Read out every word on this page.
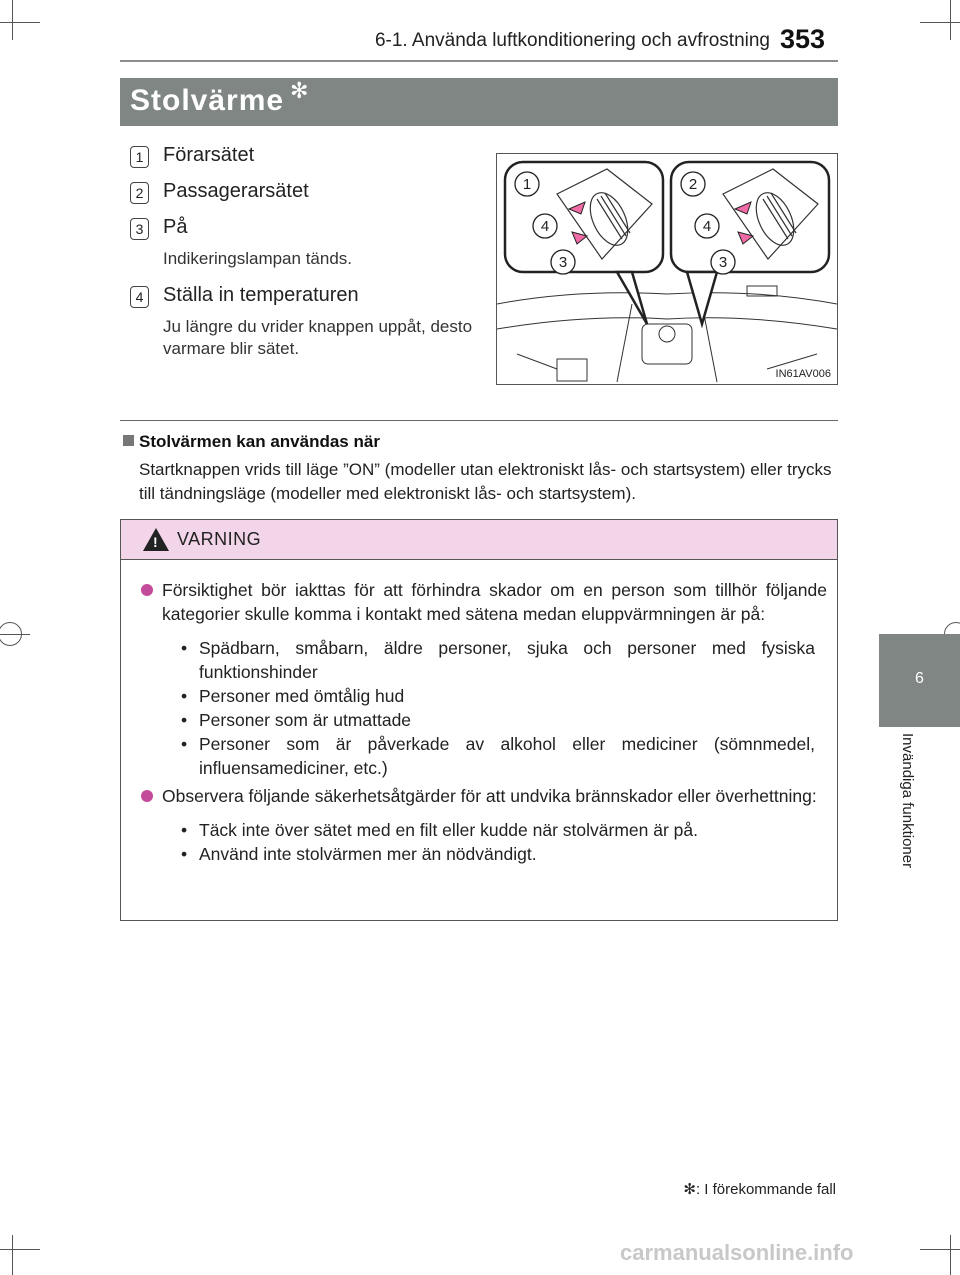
6-1. Använda luftkonditionering och avfrostning 353
Stolvärme ✻
6
Invändiga funktioner
1 Förarsätet
2 Passagerarsätet
3 På
Indikeringslampan tänds.
4 Ställa in temperaturen
Ju längre du vrider knappen uppåt, desto varmare blir sätet.
1
4
3
2
4
3
IN61AV006
Stolvärmen kan användas när
Startknappen vrids till läge ”ON” (modeller utan elektroniskt lås- och startsystem) eller trycks till tändningsläge (modeller med elektroniskt lås- och startsystem).
! VARNING
Försiktighet bör iakttas för att förhindra skador om en person som tillhör följande kategorier skulle komma i kontakt med sätena medan eluppvärmningen är på:
• Spädbarn, småbarn, äldre personer, sjuka och personer med fysiska funktionshinder
• Personer med ömtålig hud
• Personer som är utmattade
• Personer som är påverkade av alkohol eller mediciner (sömnmedel, influensamediciner, etc.)
Observera följande säkerhetsåtgärder för att undvika brännskador eller överhettning:
• Täck inte över sätet med en filt eller kudde när stolvärmen är på.
• Använd inte stolvärmen mer än nödvändigt.
✻: I förekommande fall
carmanualsonline.info
